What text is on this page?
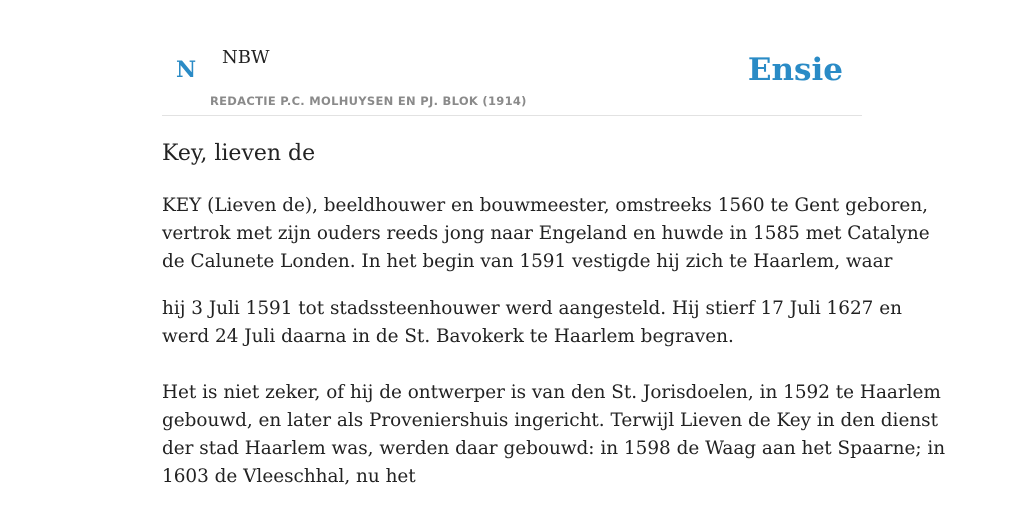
N NBW
REDACTIE P.C. MOLHUYSEN EN PJ. BLOK (1914)
Ensie
Key, lieven de

KEY (Lieven de), beeldhouwer en bouwmeester, omstreeks 1560 te Gent geboren,
vertrok met zijn ouders reeds jong naar Engeland en huwde in 1585 met Catalyne
de Calunete Londen. In het begin van 1591 vestigde hij zich te Haarlem, waar

hij 3 Juli 1591 tot stadssteenhouwer werd aangesteld. Hij stierf 17 Juli 1627 en
werd 24 Juli daarna in de St. Bavokerk te Haarlem begraven.

Het is niet zeker, of hij de ontwerper is van den St. Jorisdoelen, in 1592 te Haarlem
gebouwd, en later als Proveniershuis ingericht. Terwijl Lieven de Key in den dienst
der stad Haarlem was, werden daar gebouwd: in 1598 de Waag aan het Spaarne; in
1603 de Vleeschhal, nu het
